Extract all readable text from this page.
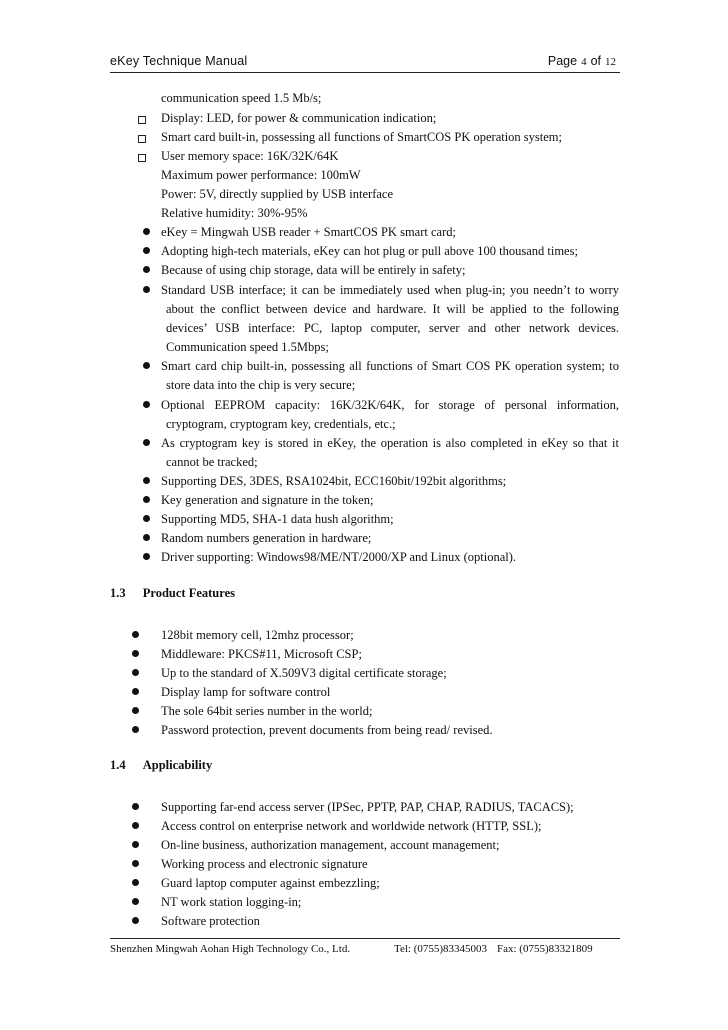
eKey Technique Manual	Page 4 of 12
communication speed 1.5 Mb/s;
Display: LED, for power & communication indication;
Smart card built-in, possessing all functions of SmartCOS PK operation system;
User memory space: 16K/32K/64K
Maximum power performance: 100mW
Power: 5V, directly supplied by USB interface
Relative humidity: 30%-95%
eKey = Mingwah USB reader + SmartCOS PK smart card;
Adopting high-tech materials, eKey can hot plug or pull above 100 thousand times;
Because of using chip storage, data will be entirely in safety;
Standard USB interface; it can be immediately used when plug-in; you needn’t to worry
about the conflict between device and hardware. It will be applied to the following
devices’ USB interface: PC, laptop computer, server and other network devices.
Communication speed 1.5Mbps;
Smart card chip built-in, possessing all functions of Smart COS PK operation system; to
store data into the chip is very secure;
Optional EEPROM capacity: 16K/32K/64K, for storage of personal information,
cryptogram, cryptogram key, credentials, etc.;
As cryptogram key is stored in eKey, the operation is also completed in eKey so that it
cannot be tracked;
Supporting DES, 3DES, RSA1024bit, ECC160bit/192bit algorithms;
Key generation and signature in the token;
Supporting MD5, SHA-1 data hush algorithm;
Random numbers generation in hardware;
Driver supporting: Windows98/ME/NT/2000/XP and Linux (optional).
1.3 Product Features
128bit memory cell, 12mhz processor;
Middleware: PKCS#11, Microsoft CSP;
Up to the standard of X.509V3 digital certificate storage;
Display lamp for software control
The sole 64bit series number in the world;
Password protection, prevent documents from being read/ revised.
1.4 Applicability
Supporting far-end access server (IPSec, PPTP, PAP, CHAP, RADIUS, TACACS);
Access control on enterprise network and worldwide network (HTTP, SSL);
On-line business, authorization management, account management;
Working process and electronic signature
Guard laptop computer against embezzling;
NT work station logging-in;
Software protection
Shenzhen Mingwah Aohan High Technology Co., Ltd.	Tel: (0755)83345003 Fax: (0755)83321809
